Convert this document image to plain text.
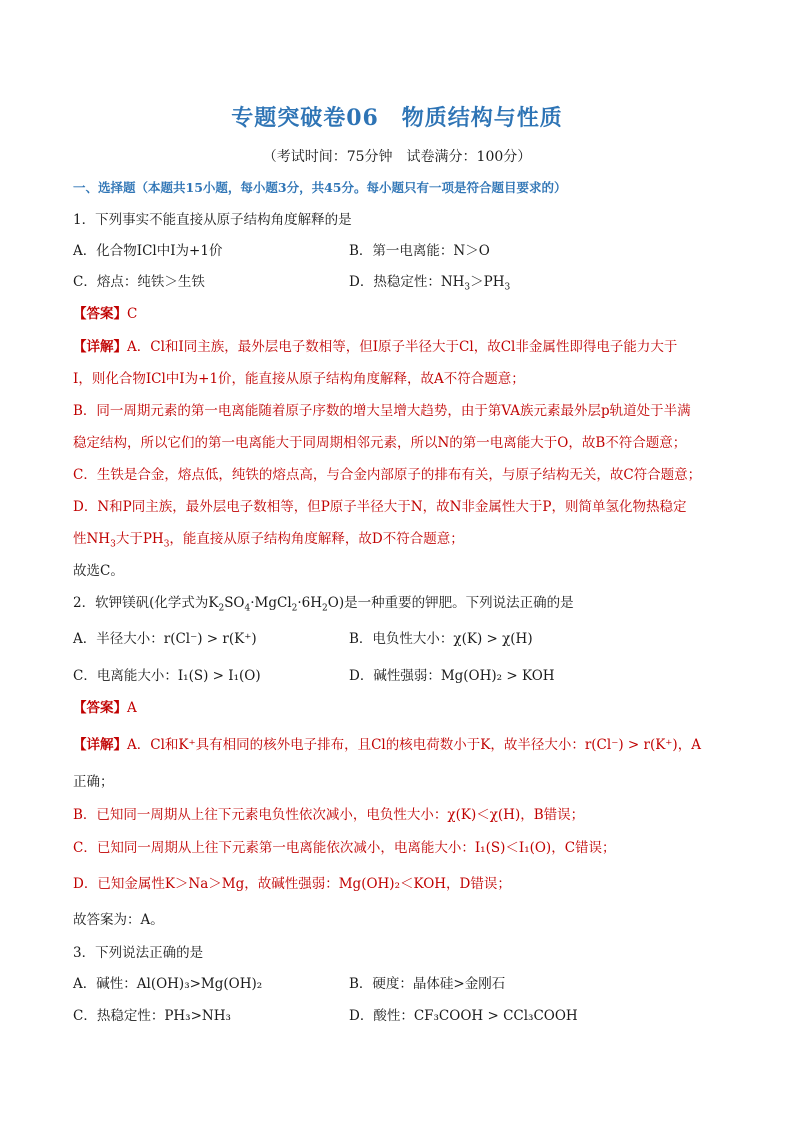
专题突破卷06　物质结构与性质
（考试时间：75分钟　试卷满分：100分）
一、选择题（本题共15小题，每小题3分，共45分。每小题只有一项是符合题目要求的）
1．下列事实不能直接从原子结构角度解释的是
A．化合物ICl中I为+1价	B．第一电离能：N＞O
C．熔点：纯铁＞生铁	D．热稳定性：$NH_3>PH_3$
【答案】C
【详解】A．Cl和I同主族，最外层电子数相等，但I原子半径大于Cl，故Cl非金属性即得电子能力大于
I，则化合物ICl中I为+1价，能直接从原子结构角度解释，故A不符合题意；
B．同一周期元素的第一电离能随着原子序数的增大呈增大趋势，由于第VA族元素最外层p轨道处于半满
稳定结构，所以它们的第一电离能大于同周期相邻元素，所以N的第一电离能大于O，故B不符合题意；
C．生铁是合金，熔点低，纯铁的熔点高，与合金内部原子的排布有关，与原子结构无关，故C符合题意；
D．N和P同主族，最外层电子数相等，但P原子半径大于N，故N非金属性大于P，则简单氢化物热稳定
性$NH_3$大于$PH_3$，能直接从原子结构角度解释，故D不符合题意；
故选C。
2．软钾镁矾(化学式为$K_2SO_4\cdot MgCl_2\cdot 6H_2O$)是一种重要的钾肥。下列说法正确的是
A．半径大小：r(Cl⁻) > r(K⁺)	B．电负性大小：χ(K) > χ(H)
C．电离能大小：I₁(S) > I₁(O)	D．碱性强弱：Mg(OH)₂ > KOH
【答案】A
【详解】A．Cl和K⁺具有相同的核外电子排布，且Cl的核电荷数小于K，故半径大小：r(Cl⁻) > r(K⁺)，A
正确；
B．已知同一周期从上往下元素电负性依次减小，电负性大小：χ(K)＜χ(H)，B错误；
C．已知同一周期从上往下元素第一电离能依次减小，电离能大小：I₁(S)＜I₁(O)，C错误；
D．已知金属性K＞Na＞Mg，故碱性强弱：Mg(OH)₂＜KOH，D错误；
故答案为：A。
3．下列说法正确的是
A．碱性：Al(OH)₃>Mg(OH)₂	B．硬度：晶体硅>金刚石
C．热稳定性：PH₃>NH₃	D．酸性：CF₃COOH > CCl₃COOH
